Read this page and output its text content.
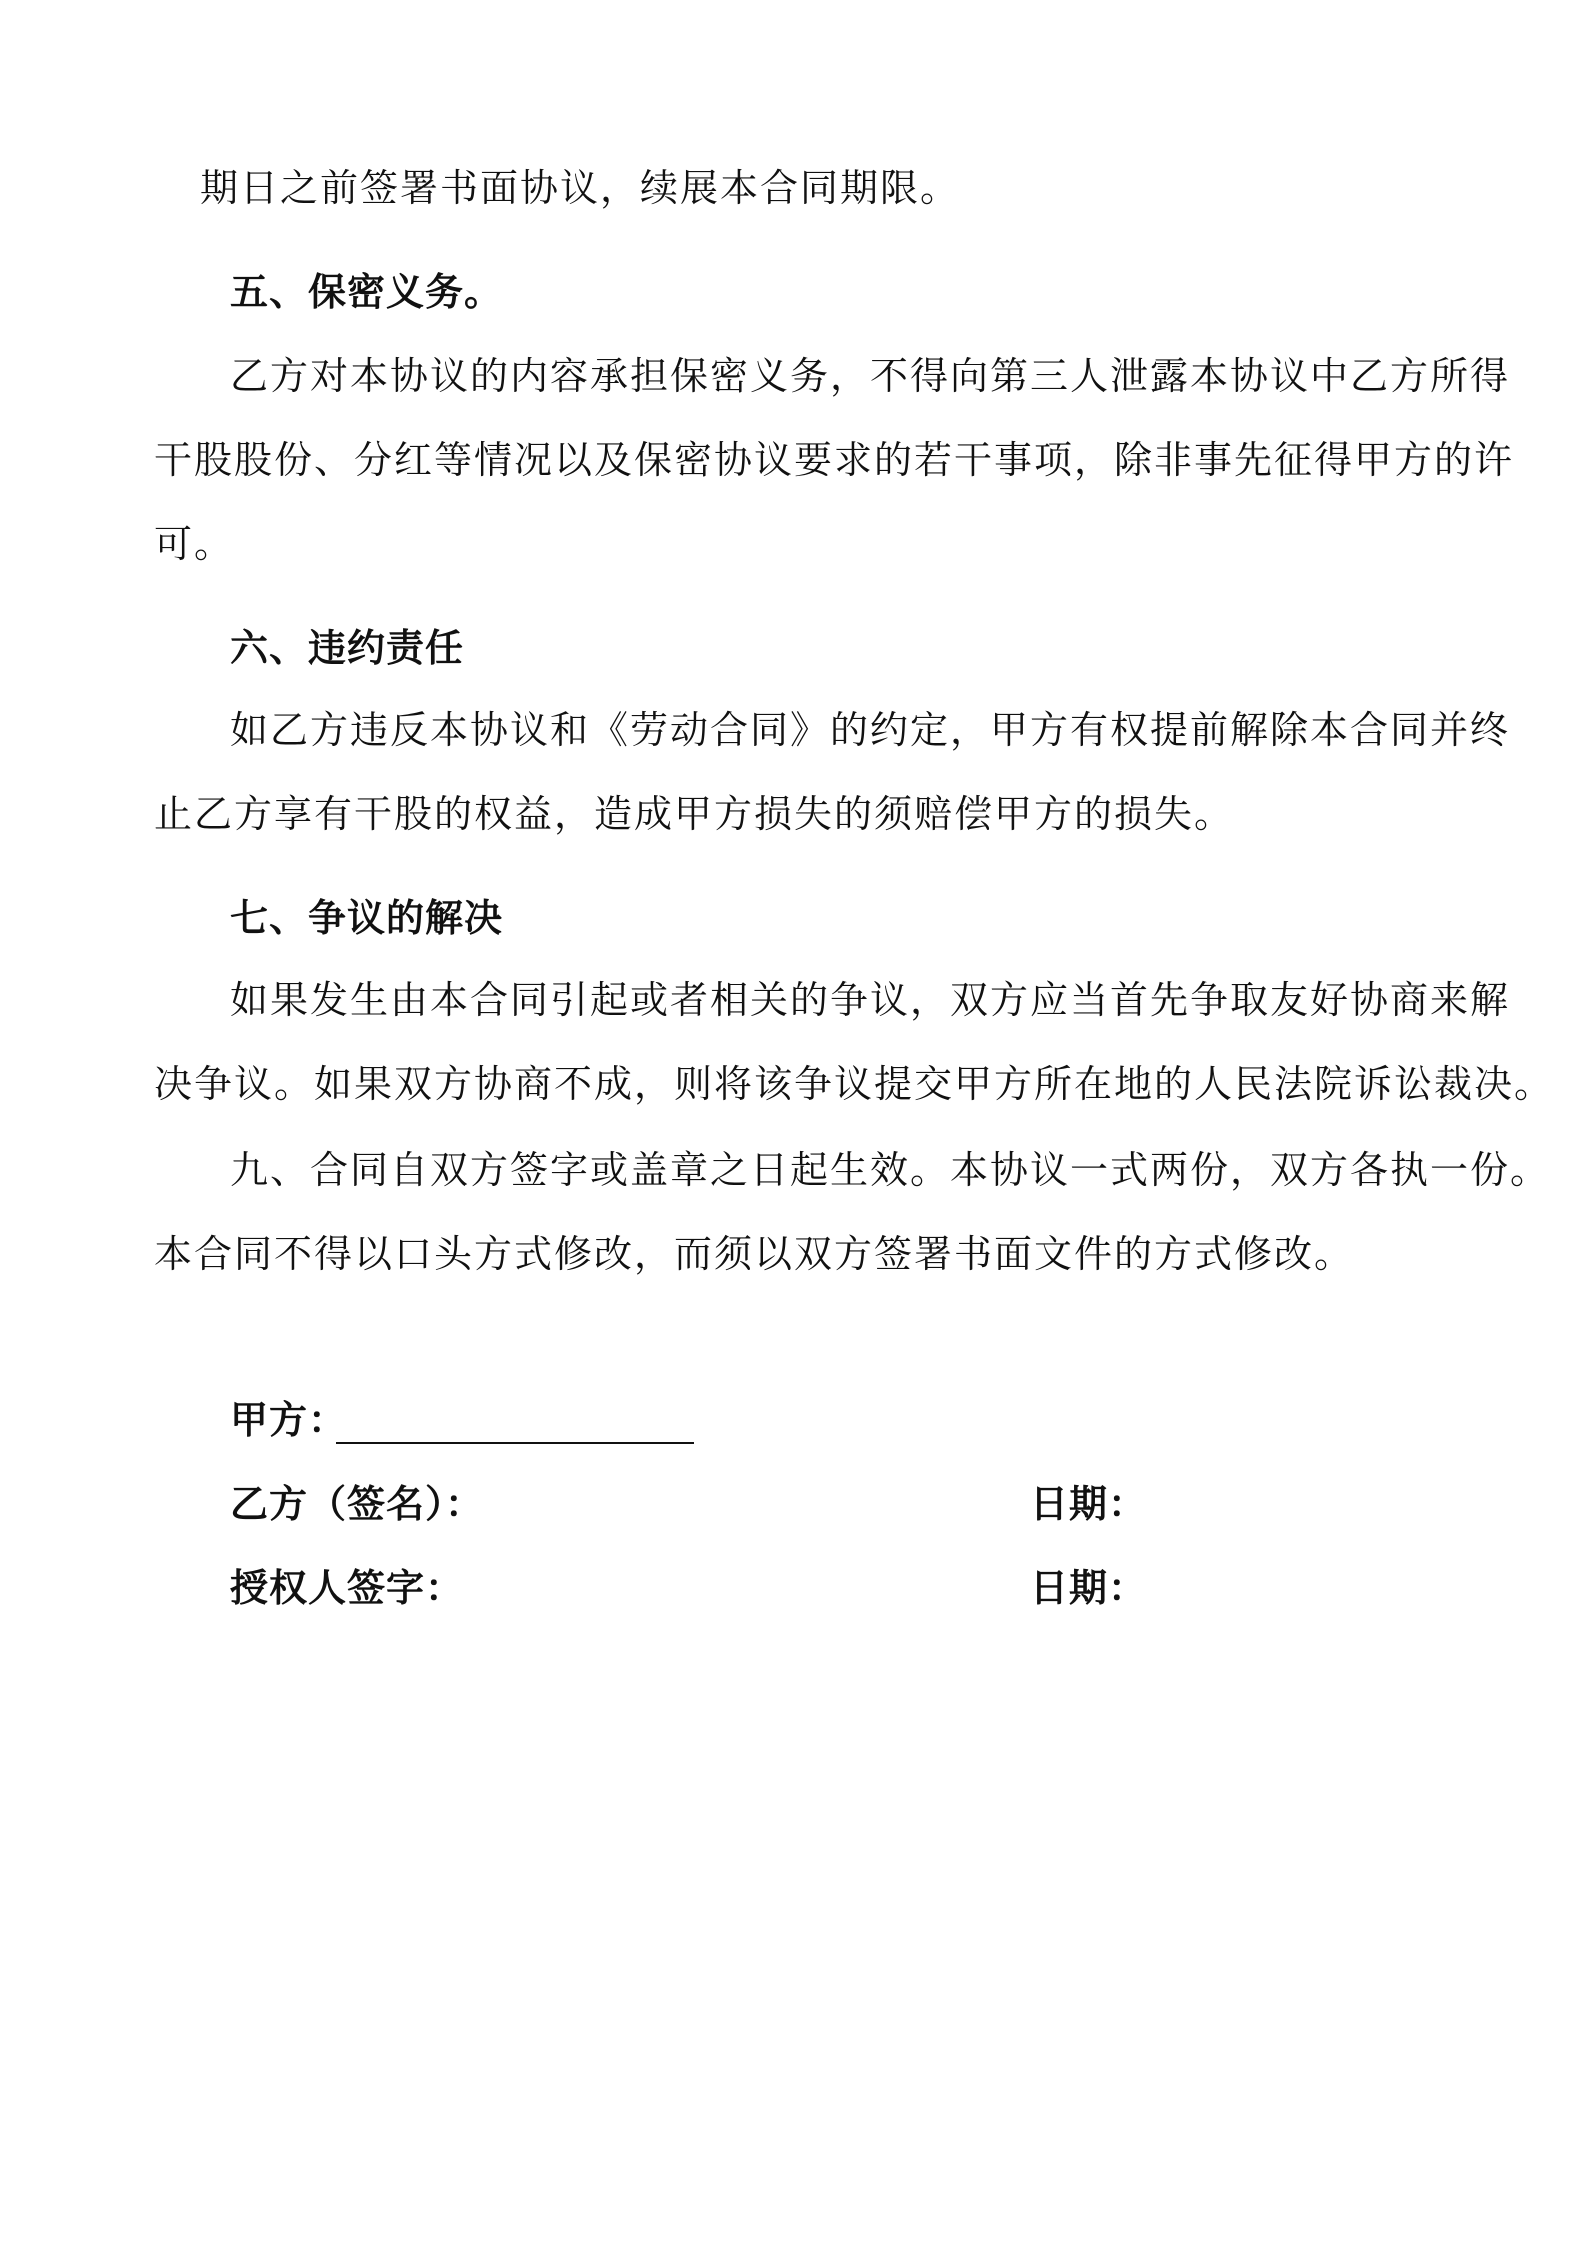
期日之前签署书面协议，续展本合同期限。
五、保密义务。
乙方对本协议的内容承担保密义务，不得向第三人泄露本协议中乙方所得
干股股份、分红等情况以及保密协议要求的若干事项，除非事先征得甲方的许
可。
六、违约责任
如乙方违反本协议和《劳动合同》的约定，甲方有权提前解除本合同并终
止乙方享有干股的权益，造成甲方损失的须赔偿甲方的损失。
七、争议的解决
如果发生由本合同引起或者相关的争议，双方应当首先争取友好协商来解
决争议。如果双方协商不成，则将该争议提交甲方所在地的人民法院诉讼裁决。
九、合同自双方签字或盖章之日起生效。本协议一式两份，双方各执一份。
本合同不得以口头方式修改，而须以双方签署书面文件的方式修改。
甲方：
乙方（签名）：	日期：
授权人签字：	日期：
